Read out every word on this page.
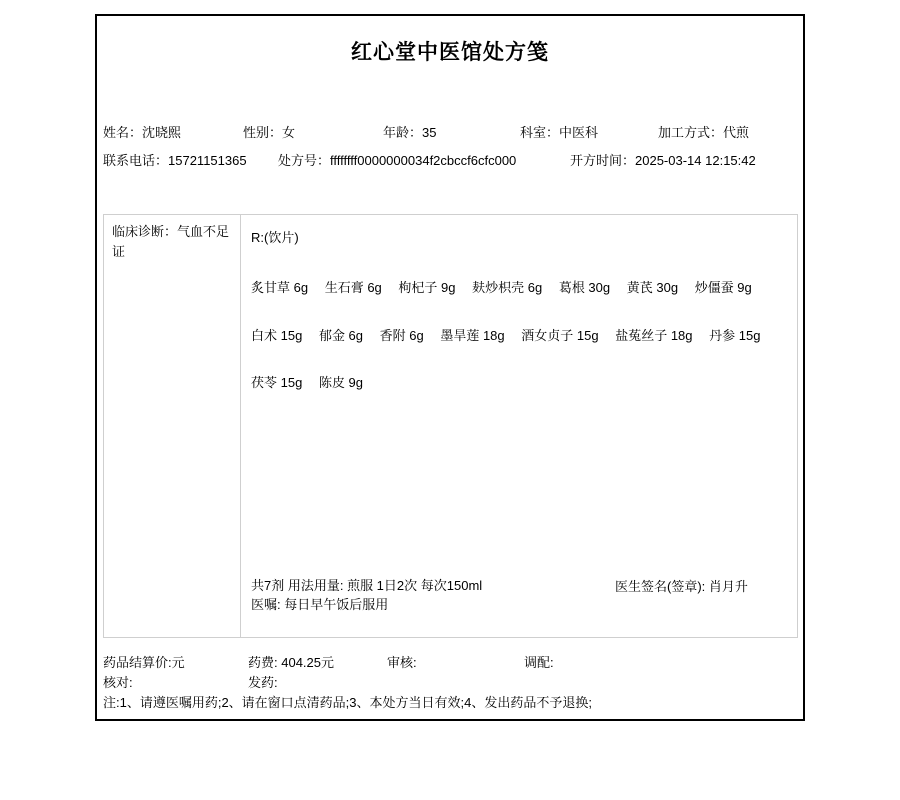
红心堂中医馆处方笺
姓名：沈晓熙	性别：女	年龄：35	科室：中医科	加工方式：代煎
联系电话：15721151365 处方号：ffffffff0000000034f2cbccf6cfc000	开方时间：2025-03-14 12:15:42
临床诊断：气血不足证
R:(饮片)
炙甘草 6g 生石膏 6g 枸杞子 9g 麸炒枳壳 6g 葛根 30g 黄芪 30g 炒僵蚕 9g
白术 15g 郁金 6g 香附 6g 墨旱莲 18g 酒女贞子 15g 盐菟丝子 18g 丹参 15g
茯苓 15g 陈皮 9g
共7剂 用法用量: 煎服 1日2次 每次150ml
医嘱: 每日早午饭后服用
医生签名(签章): 肖月升
药品结算价:元	药费: 404.25元	审核:	调配:
核对:	发药:
注:1、请遵医嘱用药;2、请在窗口点清药品;3、本处方当日有效;4、发出药品不予退换;
